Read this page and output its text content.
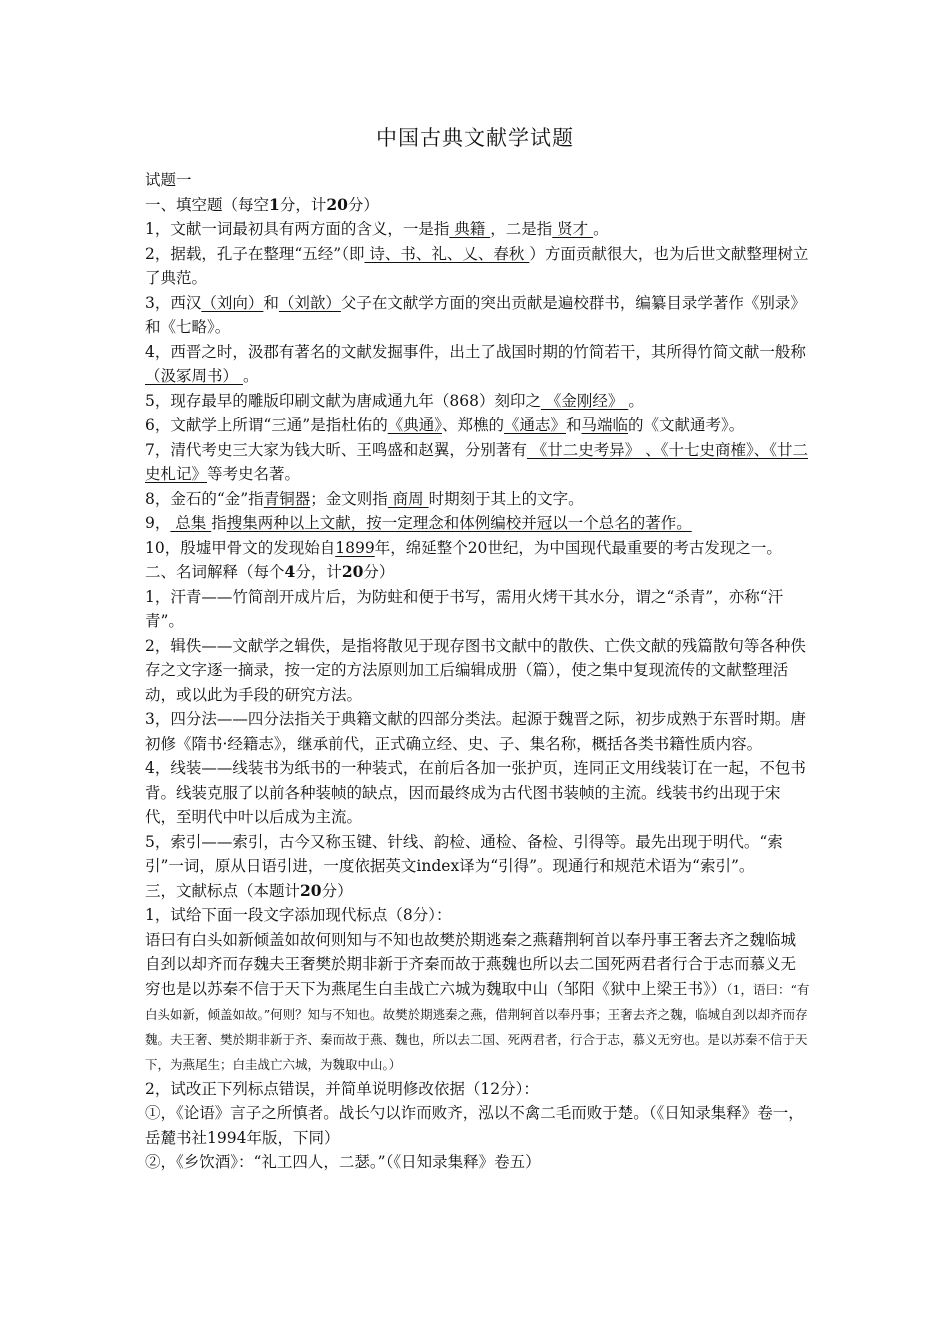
中国古典文献学试题

试题一

一、填空题（每空1分，计20分）

1，文献一词最初具有两方面的含义，一是指 典籍 ，二是指 贤才 。

2，据载，孔子在整理“五经”（即 诗、书、礼、乂、春秋 ）方面贡献很大，也为后世文献整理树立了典范。

3，西汉（刘向）和（刘歆）父子在文献学方面的突出贡献是遍校群书，编纂目录学著作《别录》和《七略》。

4，西晋之时，汲郡有著名的文献发掘事件，出土了战国时期的竹简若干，其所得竹简文献一般称 （汲冢周书） 。

5，现存最早的雕版印刷文献为唐咸通九年（868）刻印之 《金刚经》 。

6，文献学上所谓“三通”是指杜佑的《典通》、郑樵的《通志》和马端临的《文献通考》。

7，清代考史三大家为钱大昕、王鸣盛和赵翼，分别著有 《廿二史考异》 、《十七史商榷》、《廿二史札记》等考史名著。

8，金石的“金”指青铜器；金文则指 商周 时期刻于其上的文字。

9， 总集 指搜集两种以上文献，按一定理念和体例编校并冠以一个总名的著作。

10，殷墟甲骨文的发现始自1899年，绵延整个20世纪，为中国现代最重要的考古发现之一。

二、名词解释（每个4分，计20分）

1，汗青——竹简剖开成片后，为防蛀和便于书写，需用火烤干其水分，谓之“杀青”，亦称“汗青”。

2，辑佚——文献学之辑佚，是指将散见于现存图书文献中的散佚、亡佚文献的残篇散句等各种佚存之文字逐一摘录，按一定的方法原则加工后编辑成册（篇），使之集中复现流传的文献整理活动，或以此为手段的研究方法。

3，四分法——四分法指关于典籍文献的四部分类法。起源于魏晋之际，初步成熟于东晋时期。唐初修《隋书·经籍志》，继承前代，正式确立经、史、子、集名称，概括各类书籍性质内容。

4，线装——线装书为纸书的一种装式，在前后各加一张护页，连同正文用线装订在一起，不包书背。线装克服了以前各种装帧的缺点，因而最终成为古代图书装帧的主流。线装书约出现于宋代，至明代中叶以后成为主流。

5，索引——索引，古今又称玉键、针线、韵检、通检、备检、引得等。最先出现于明代。“索引”一词，原从日语引进，一度依据英文index译为“引得”。现通行和规范术语为“索引”。

三，文献标点（本题计20分）

1，试给下面一段文字添加现代标点（8分）：

语曰有白头如新倾盖如故何则知与不知也故樊於期逃秦之燕藉荆轲首以奉丹事王奢去齐之魏临城自刭以却齐而存魏夫王奢樊於期非新于齐秦而故于燕魏也所以去二国死两君者行合于志而慕义无穷也是以苏秦不信于天下为燕尾生白圭战亡六城为魏取中山（邹阳《狱中上梁王书》）（1，语曰：“有白头如新，倾盖如故。”何则？知与不知也。故樊於期逃秦之燕，借荆轲首以奉丹事；王奢去齐之魏，临城自刭以却齐而存魏。夫王奢、樊於期非新于齐、秦而故于燕、魏也，所以去二国、死两君者，行合于志，慕义无穷也。是以苏秦不信于天下，为燕尾生；白圭战亡六城，为魏取中山。）

2，试改正下列标点错误，并简单说明修改依据（12分）：

①，《论语》言子之所慎者。战长勺以诈而败齐，泓以不禽二毛而败于楚。（《日知录集释》卷一，岳麓书社1994年版，下同）

②，《乡饮酒》：“礼工四人，二瑟。”（《日知录集释》卷五）
